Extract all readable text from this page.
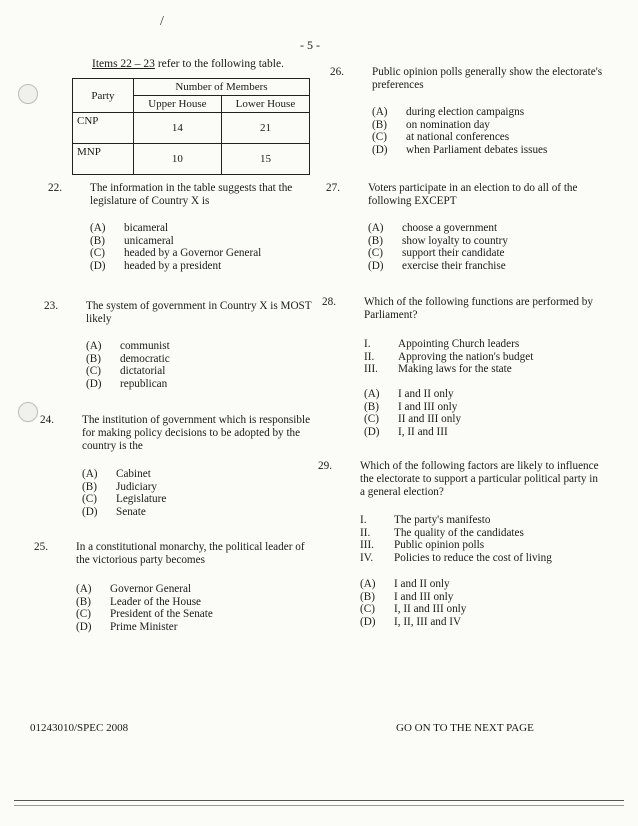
/
- 5 -
Items 22 – 23 refer to the following table.
Party	Number of Members	
	Upper House	Lower House
CNP	14	21
MNP	10	15
22.	The information in the table suggests that the legislature of Country X is
(A) bicameral
(B) unicameral
(C) headed by a Governor General
(D) headed by a president
23.	The system of government in Country X is MOST likely
(A) communist
(B) democratic
(C) dictatorial
(D) republican
24.	The institution of government which is responsible for making policy decisions to be adopted by the country is the
(A) Cabinet
(B) Judiciary
(C) Legislature
(D) Senate
25.	In a constitutional monarchy, the political leader of the victorious party becomes
(A) Governor General
(B) Leader of the House
(C) President of the Senate
(D) Prime Minister
26.	Public opinion polls generally show the electorate's preferences
(A) during election campaigns
(B) on nomination day
(C) at national conferences
(D) when Parliament debates issues
27.	Voters participate in an election to do all of the following EXCEPT
(A) choose a government
(B) show loyalty to country
(C) support their candidate
(D) exercise their franchise
28.	Which of the following functions are performed by Parliament?
I. Appointing Church leaders
II. Approving the nation's budget
III. Making laws for the state
(A) I and II only
(B) I and III only
(C) II and III only
(D) I, II and III
29.	Which of the following factors are likely to influence the electorate to support a particular political party in a general election?
I. The party's manifesto
II. The quality of the candidates
III. Public opinion polls
IV. Policies to reduce the cost of living
(A) I and II only
(B) I and III only
(C) I, II and III only
(D) I, II, III and IV
01243010/SPEC 2008	GO ON TO THE NEXT PAGE
